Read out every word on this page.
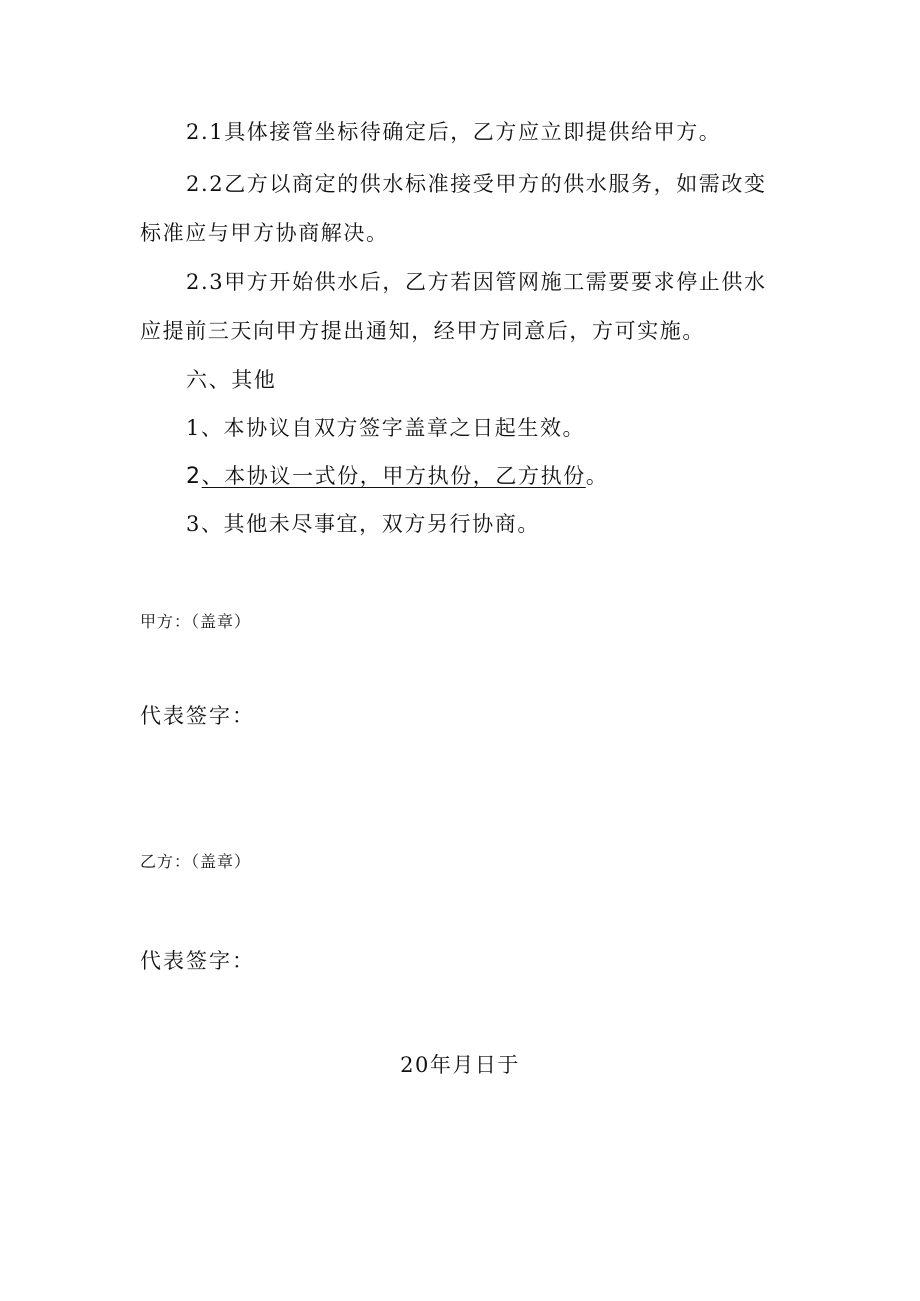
2.1具体接管坐标待确定后，乙方应立即提供给甲方。
2.2乙方以商定的供水标准接受甲方的供水服务，如需改变
标准应与甲方协商解决。
2.3甲方开始供水后，乙方若因管网施工需要要求停止供水
应提前三天向甲方提出通知，经甲方同意后，方可实施。
六、其他
1、本协议自双方签字盖章之日起生效。
2、本协议一式份，甲方执份，乙方执份。
3、其他未尽事宜，双方另行协商。
甲方：（盖章）
代表签字：
乙方：（盖章）
代表签字：
20年月日于
